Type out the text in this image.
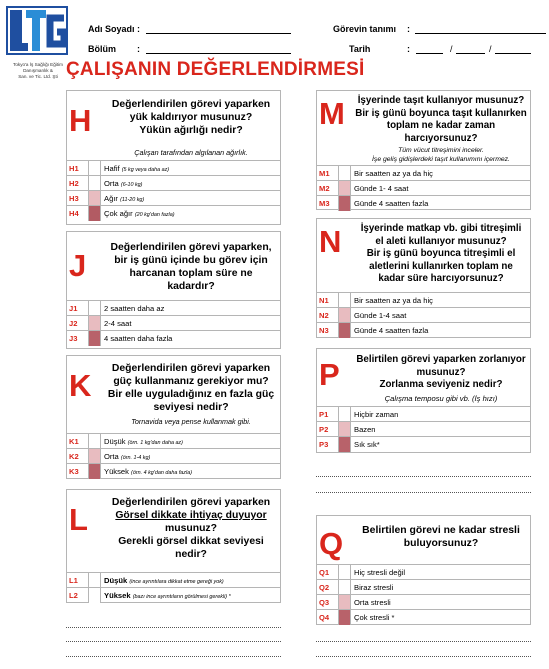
Tokyo'a İş Sağlığı Eğitim
Danışmanlık &
San. ve Tic. Ltd. Şti
Adı Soyadı :
Bölüm :
Görevin tanımı :
Tarih	:	/	/
ÇALIŞANIN DEĞERLENDİRMESİ
H	Değerlendirilen görevi yaparken
yük kaldırıyor musunuz?
Yükün ağırlığı nedir?
Çalışan tarafından algılanan ağırlık.
H1	Hafif (5 kg veya daha az)
H2	Orta (6-10 kg)
H3	Ağır (11-20 kg)
H4	Çok ağır (20 kg'dan fazla)
J
Değerlendirilen görevi yaparken,
bir iş günü içinde bu görev için
harcanan toplam süre ne
kadardır?
J1	2 saatten daha az
J2	2-4 saat
J3	4 saatten daha fazla
K	Değerlendirilen görevi yaparken
güç kullanmanız gerekiyor mu?
Bir elle uyguladığınız en fazla güç
seviyesi nedir?
Tornavida veya pense kullanmak gibi.
K1	Düşük (örn. 1 kg'dan daha az)
K2	Orta (örn. 1-4 kg)
K3	Yüksek (örn. 4 kg'dan daha fazla)
L	Değerlendirilen görevi yaparken
Görsel dikkate ihtiyaç duyuyor
musunuz?
Gerekli görsel dikkat seviyesi
nedir?
L1	Düşük (ince ayrıntılara dikkat etme gereği yok)
L2	Yüksek (bazı ince ayrıntıların görülmesi gerekli) *
M	İşyerinde taşıt kullanıyor musunuz?
Bir iş günü boyunca taşıt kullanırken
toplam ne kadar zaman
harcıyorsunuz?
Tüm vücut titreşimini inceler.
İşe geliş gidişlerdeki taşıt kullanımını içermez.
M1	Bir saatten az ya da hiç
M2	Günde 1- 4 saat
M3	Günde 4 saatten fazla
N	İşyerinde matkap vb. gibi titreşimli
el aleti kullanıyor musunuz?
Bir iş günü boyunca titreşimli el
aletlerini kullanırken toplam ne
kadar süre harcıyorsunuz?
N1	Bir saatten az ya da hiç
N2	Günde 1-4 saat
N3	Günde 4 saatten fazla
P	Belirtilen görevi yaparken zorlanıyor
musunuz?
Zorlanma seviyeniz nedir?
Çalışma temposu gibi vb. (İş hızı)
P1	Hiçbir zaman
P2	Bazen
P3	Sık sık*
Q	Belirtilen görevi ne kadar stresli
buluyorsunuz?
Q1	Hiç stresli değil
Q2	Biraz stresli
Q3	Orta stresli
Q4	Çok stresli *
